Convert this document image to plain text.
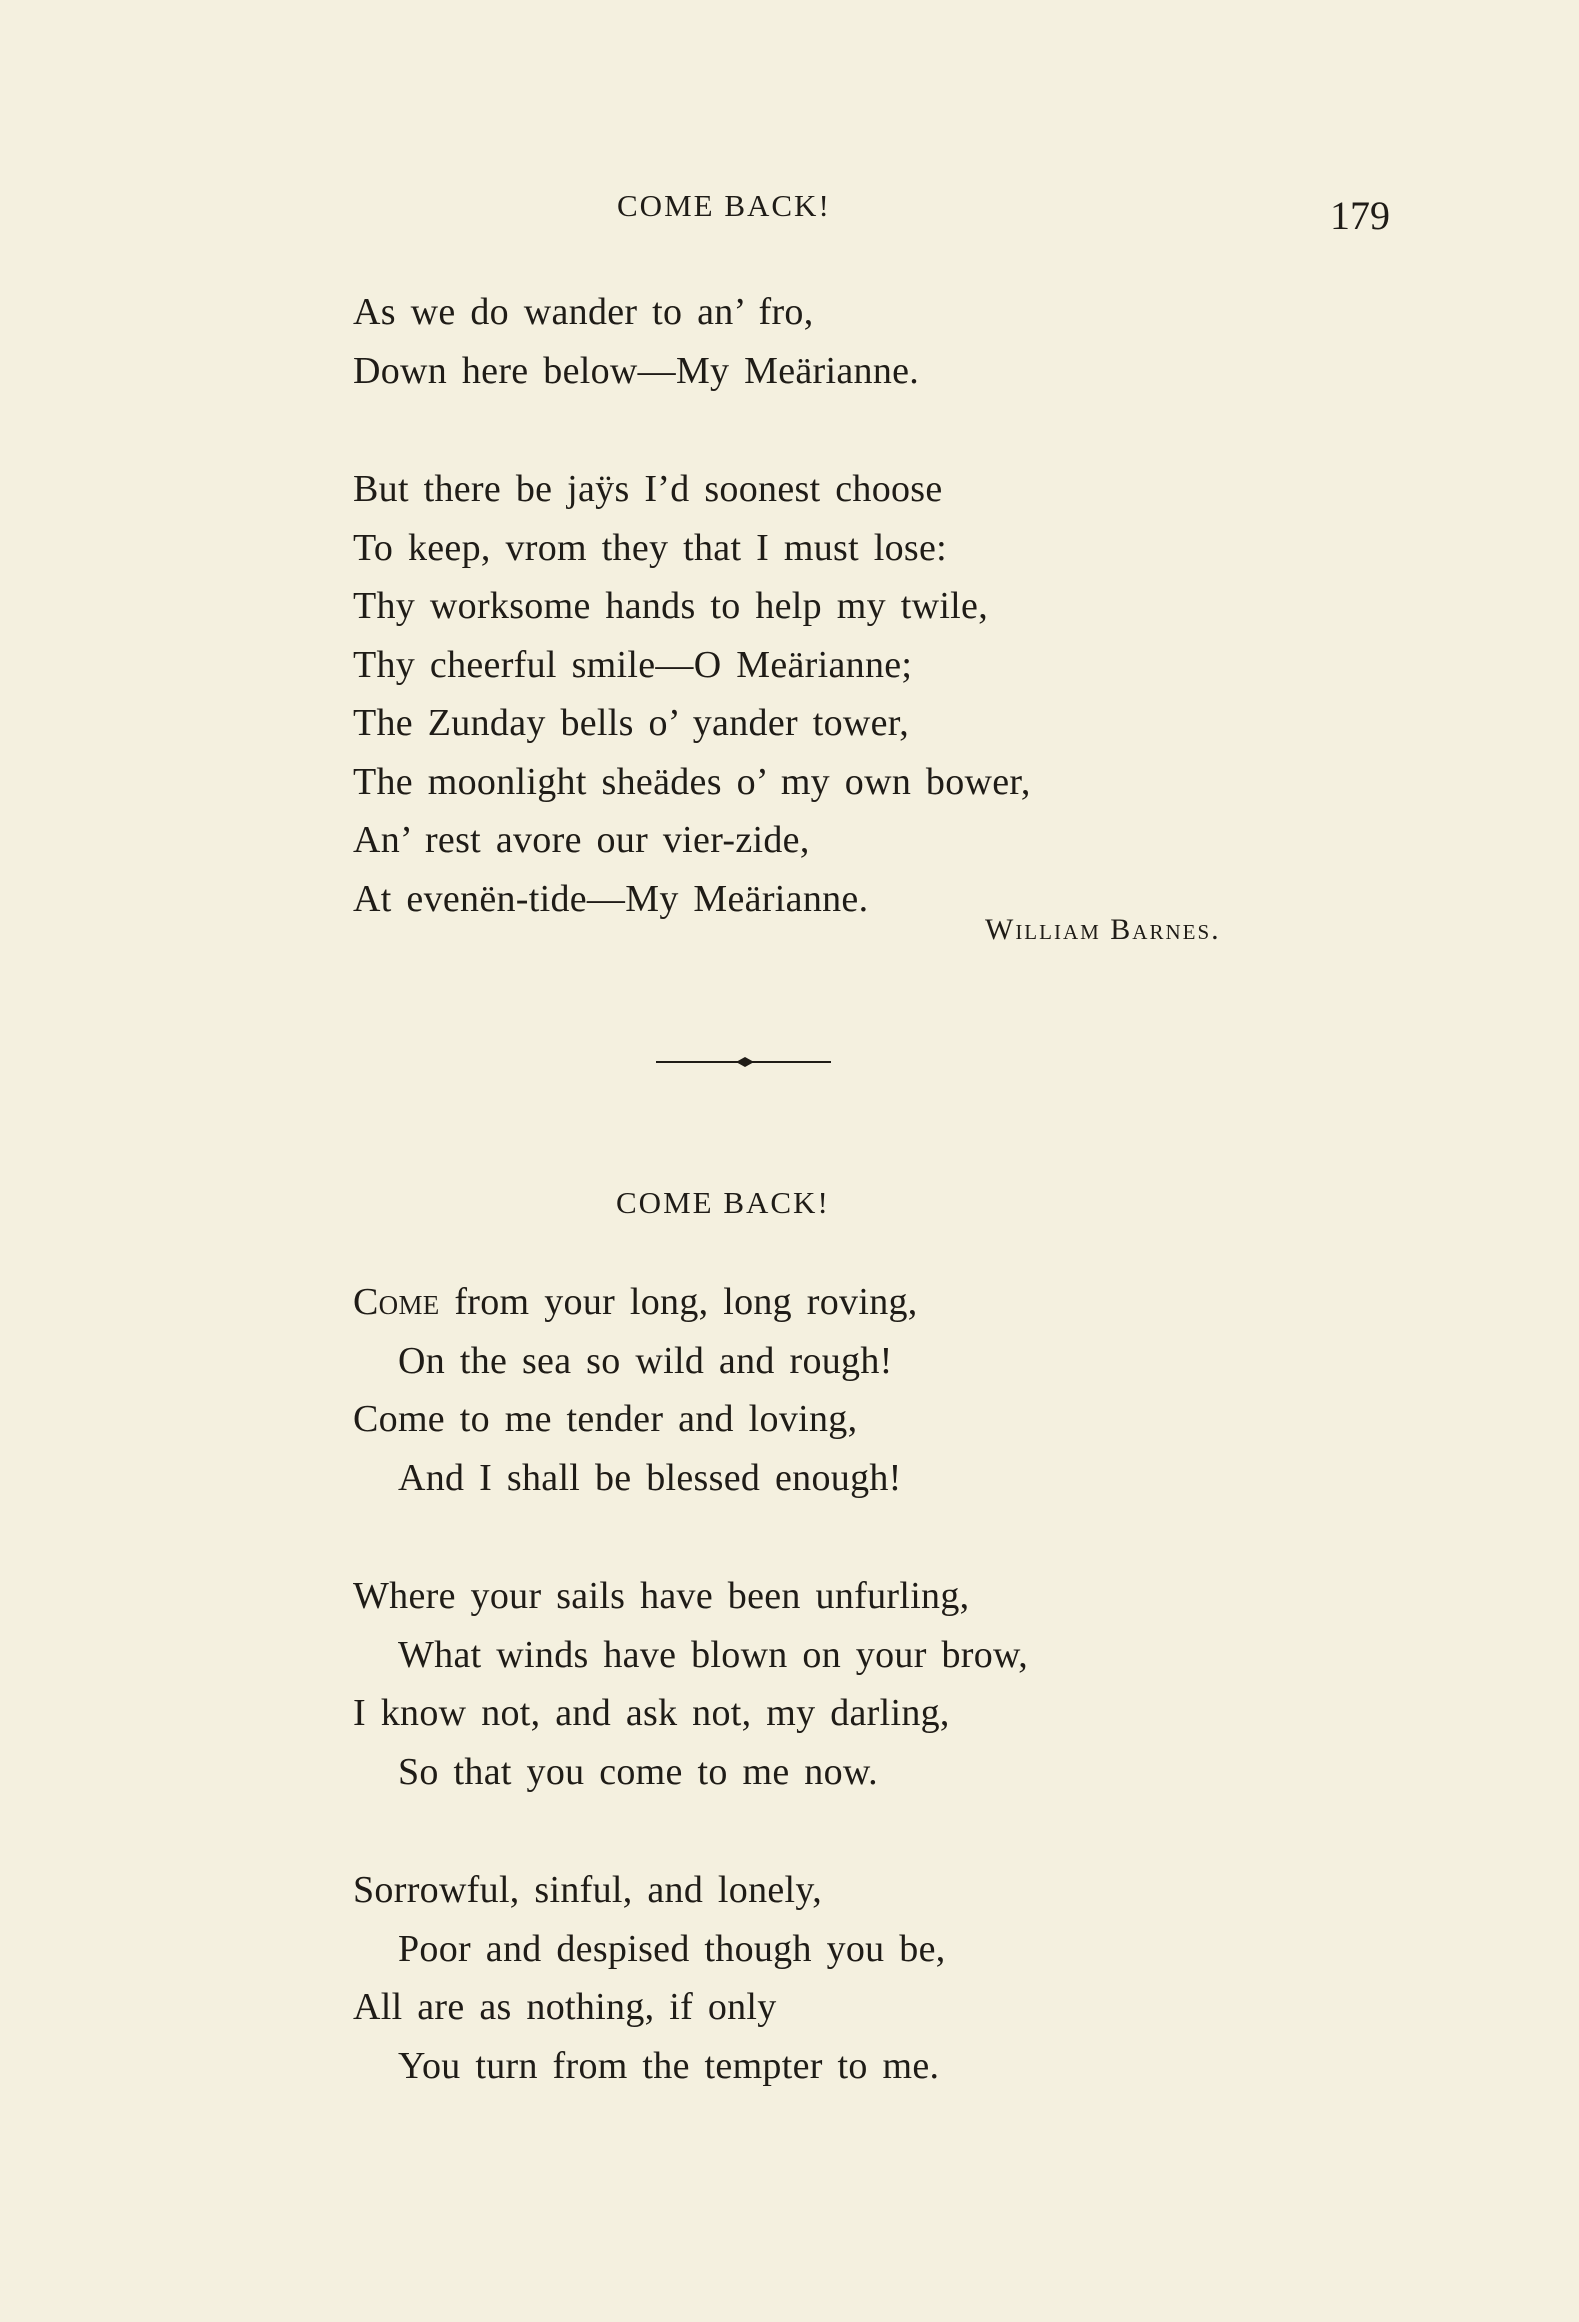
COME BACK!	179
As we do wander to an’ fro,
Down here below—My Meärianne.
But there be jaÿs I’d soonest choose
To keep, vrom they that I must lose:
Thy worksome hands to help my twile,
Thy cheerful smile—O Meärianne;
The Zunday bells o’ yander tower,
The moonlight sheädes o’ my own bower,
An’ rest avore our vier-zide,
At evenën-tide—My Meärianne.
William Barnes.
COME BACK!
Come from your long, long roving,
On the sea so wild and rough!
Come to me tender and loving,
And I shall be blessed enough!
Where your sails have been unfurling,
What winds have blown on your brow,
I know not, and ask not, my darling,
So that you come to me now.
Sorrowful, sinful, and lonely,
Poor and despised though you be,
All are as nothing, if only
You turn from the tempter to me.
